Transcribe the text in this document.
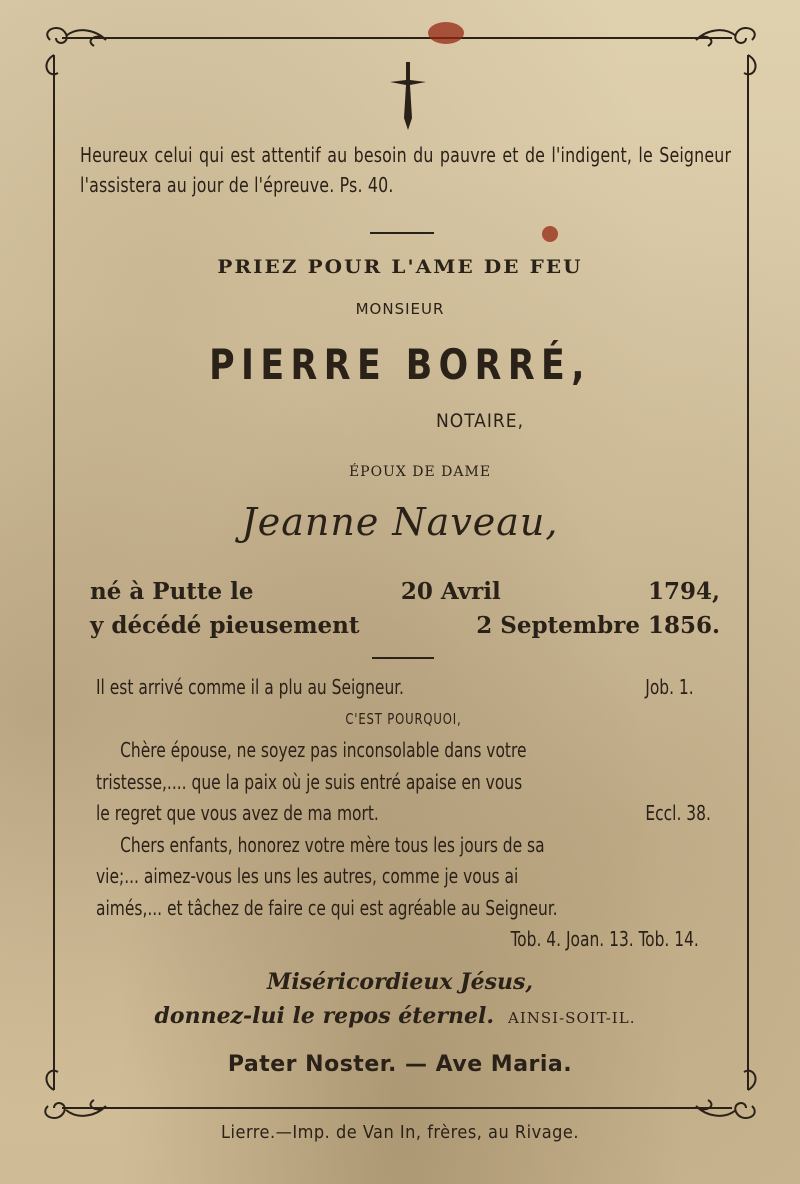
Heureux celui qui est attentif au besoin du pauvre et de l'indigent, le Seigneur l'assistera au jour de l'épreuve. Ps. 40.
PRIEZ POUR L'AME DE FEU
MONSIEUR
PIERRE BORRÉ,
NOTAIRE,
ÉPOUX DE DAME
Jeanne Naveau,
né à Putte le	20 Avril	1794,
y décédé pieusement	2 Septembre 1856.
Il est arrivé comme il a plu au Seigneur.	Job. 1.
C'EST POURQUOI,
Chère épouse, ne soyez pas inconsolable dans votre
tristesse,.... que la paix où je suis entré apaise en vous
le regret que vous avez de ma mort.	Eccl. 38.
Chers enfants, honorez votre mère tous les jours de sa
vie;... aimez-vous les uns les autres, comme je vous ai
aimés,... et tâchez de faire ce qui est agréable au Seigneur.
Tob. 4. Joan. 13. Tob. 14.
Miséricordieux Jésus,
donnez-lui le repos éternel. AINSI-SOIT-IL.
Pater Noster. — Ave Maria.
Lierre.—Imp. de Van In, frères, au Rivage.
